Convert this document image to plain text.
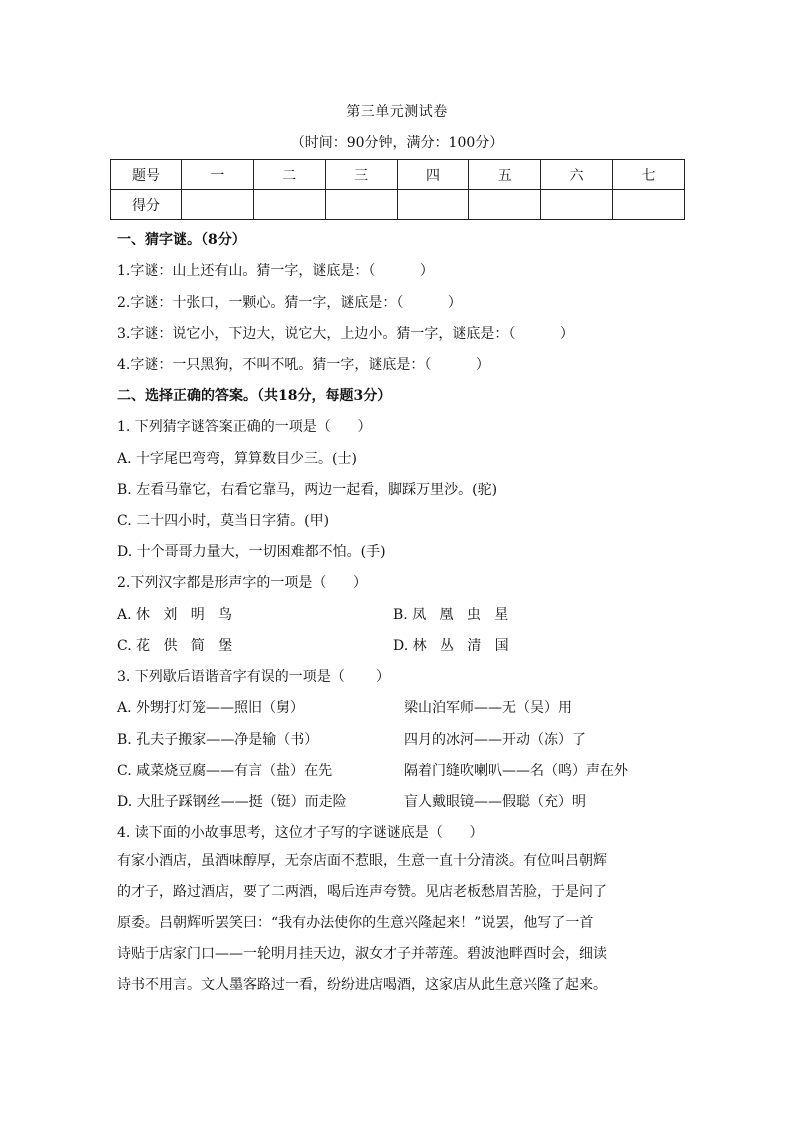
第三单元测试卷
（时间：90分钟，满分：100分）
题号	一	二	三	四	五	六	七
得分							
一、猜字谜。（8分）
1.字谜：山上还有山。猜一字，谜底是：（          ）
2.字谜：十张口，一颗心。猜一字，谜底是：（          ）
3.字谜：说它小，下边大，说它大，上边小。猜一字，谜底是：（          ）
4.字谜：一只黑狗，不叫不吼。猜一字，谜底是：（          ）
二、选择正确的答案。（共18分，每题3分）
1. 下列猜字谜答案正确的一项是（      ）
A. 十字尾巴弯弯，算算数目少三。(士)
B. 左看马靠它，右看它靠马，两边一起看，脚踩万里沙。(驼)
C. 二十四小时，莫当日字猜。(甲)
D. 十个哥哥力量大，一切困难都不怕。(手)
2.下列汉字都是形声字的一项是（      ）
A. 休   刘   明   鸟	B. 凤   凰   虫   星
C. 花   供   简   堡	D. 林   丛   清   国
3. 下列歇后语谐音字有误的一项是（       ）
A. 外甥打灯笼——照旧（舅）	梁山泊军师——无（吴）用
B. 孔夫子搬家——净是输（书）	四月的冰河——开动（冻）了
C. 咸菜烧豆腐——有言（盐）在先	隔着门缝吹喇叭——名（鸣）声在外
D. 大肚子踩钢丝——挺（铤）而走险	盲人戴眼镜——假聪（充）明
4. 读下面的小故事思考，这位才子写的字谜谜底是（      ）
有家小酒店，虽酒味醇厚，无奈店面不惹眼，生意一直十分清淡。有位叫吕朝辉
的才子，路过酒店，要了二两酒，喝后连声夸赞。见店老板愁眉苦脸，于是问了
原委。吕朝辉听罢笑曰：“我有办法使你的生意兴隆起来！”说罢，他写了一首
诗贴于店家门口——一轮明月挂天边，淑女才子并蒂莲。碧波池畔酉时会，细读
诗书不用言。文人墨客路过一看，纷纷进店喝酒，这家店从此生意兴隆了起来。
